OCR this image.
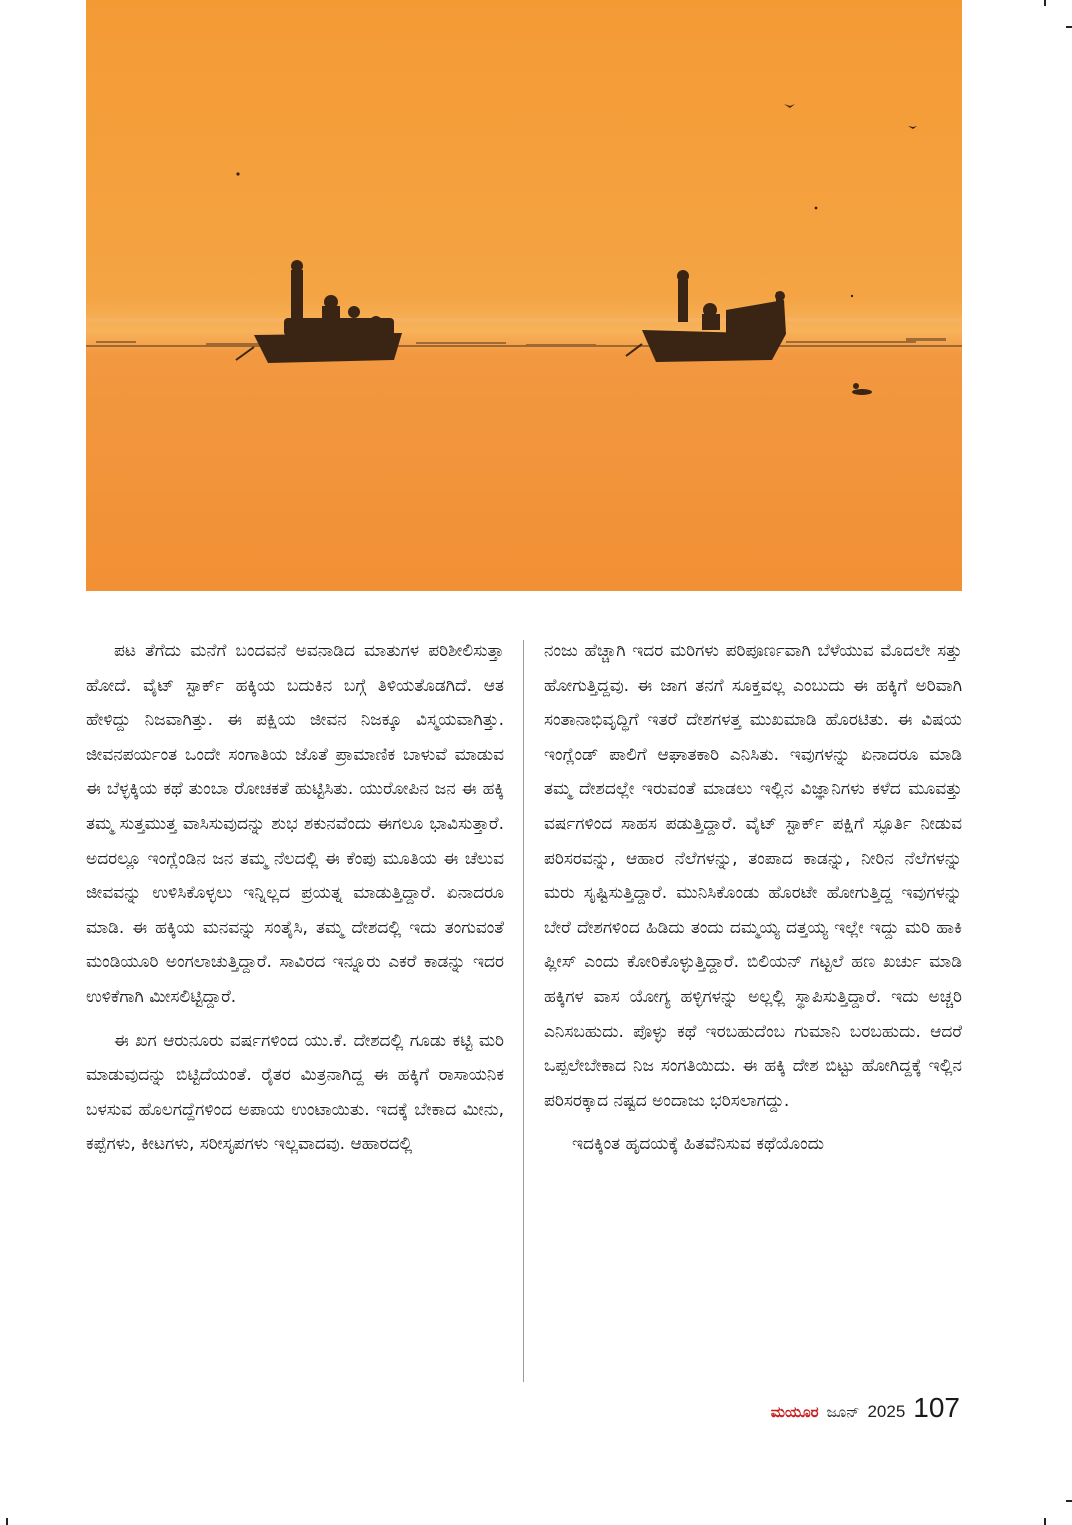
ಪಟ ತೆಗೆದು ಮನೆಗೆ ಬಂದವನೆ ಅವನಾಡಿದ ಮಾತುಗಳ ಪರಿಶೀಲಿಸುತ್ತಾ ಹೋದೆ. ವೈಟ್ ಸ್ಟಾರ್ಕ್ ಹಕ್ಕಿಯ ಬದುಕಿನ ಬಗ್ಗೆ ತಿಳಿಯತೊಡಗಿದೆ. ಆತ ಹೇಳಿದ್ದು ನಿಜವಾಗಿತ್ತು. ಈ ಪಕ್ಷಿಯ ಜೀವನ ನಿಜಕ್ಕೂ ವಿಸ್ಮಯವಾಗಿತ್ತು. ಜೀವನಪರ್ಯಂತ ಒಂದೇ ಸಂಗಾತಿಯ ಜೊತೆ ಪ್ರಾಮಾಣಿಕ ಬಾಳುವೆ ಮಾಡುವ ಈ ಬೆಳ್ಳಕ್ಕಿಯ ಕಥೆ ತುಂಬಾ ರೋಚಕತೆ ಹುಟ್ಟಿಸಿತು. ಯುರೋಪಿನ ಜನ ಈ ಹಕ್ಕಿ ತಮ್ಮ ಸುತ್ತಮುತ್ತ ವಾಸಿಸುವುದನ್ನು ಶುಭ ಶಕುನವೆಂದು ಈಗಲೂ ಭಾವಿಸುತ್ತಾರೆ. ಅದರಲ್ಲೂ ಇಂಗ್ಲೆಂಡಿನ ಜನ ತಮ್ಮ ನೆಲದಲ್ಲಿ ಈ ಕೆಂಪು ಮೂತಿಯ ಈ ಚೆಲುವ ಜೀವವನ್ನು ಉಳಿಸಿಕೊಳ್ಳಲು ಇನ್ನಿಲ್ಲದ ಪ್ರಯತ್ನ ಮಾಡುತ್ತಿದ್ದಾರೆ. ಏನಾದರೂ ಮಾಡಿ. ಈ ಹಕ್ಕಿಯ ಮನವನ್ನು ಸಂತೈಸಿ, ತಮ್ಮ ದೇಶದಲ್ಲಿ ಇದು ತಂಗುವಂತೆ ಮಂಡಿಯೂರಿ ಅಂಗಲಾಚುತ್ತಿದ್ದಾರೆ. ಸಾವಿರದ ಇನ್ನೂರು ಎಕರೆ ಕಾಡನ್ನು ಇದರ ಉಳಿಕೆಗಾಗಿ ಮೀಸಲಿಟ್ಟಿದ್ದಾರೆ.

ಈ ಖಗ ಆರುನೂರು ವರ್ಷಗಳಿಂದ ಯು.ಕೆ. ದೇಶದಲ್ಲಿ ಗೂಡು ಕಟ್ಟಿ ಮರಿ ಮಾಡುವುದನ್ನು ಬಿಟ್ಟಿದೆಯಂತೆ. ರೈತರ ಮಿತ್ರನಾಗಿದ್ದ ಈ ಹಕ್ಕಿಗೆ ರಾಸಾಯನಿಕ ಬಳಸುವ ಹೊಲಗದ್ದೆಗಳಿಂದ ಅಪಾಯ ಉಂಟಾಯಿತು. ಇದಕ್ಕೆ ಬೇಕಾದ ಮೀನು, ಕಪ್ಪೆಗಳು, ಕೀಟಗಳು, ಸರೀಸೃಪಗಳು ಇಲ್ಲವಾದವು. ಆಹಾರದಲ್ಲಿ

ನಂಜು ಹೆಚ್ಚಾಗಿ ಇದರ ಮರಿಗಳು ಪರಿಪೂರ್ಣವಾಗಿ ಬೆಳೆಯುವ ಮೊದಲೇ ಸತ್ತು ಹೋಗುತ್ತಿದ್ದವು. ಈ ಜಾಗ ತನಗೆ ಸೂಕ್ತವಲ್ಲ ಎಂಬುದು ಈ ಹಕ್ಕಿಗೆ ಅರಿವಾಗಿ ಸಂತಾನಾಭಿವೃದ್ಧಿಗೆ ಇತರೆ ದೇಶಗಳತ್ತ ಮುಖಮಾಡಿ ಹೊರಟಿತು. ಈ ವಿಷಯ ಇಂಗ್ಲೆಂಡ್ ಪಾಲಿಗೆ ಆಘಾತಕಾರಿ ಎನಿಸಿತು. ಇವುಗಳನ್ನು ಏನಾದರೂ ಮಾಡಿ ತಮ್ಮ ದೇಶದಲ್ಲೇ ಇರುವಂತೆ ಮಾಡಲು ಇಲ್ಲಿನ ವಿಜ್ಞಾನಿಗಳು ಕಳೆದ ಮೂವತ್ತು ವರ್ಷಗಳಿಂದ ಸಾಹಸ ಪಡುತ್ತಿದ್ದಾರೆ. ವೈಟ್ ಸ್ಟಾರ್ಕ್ ಪಕ್ಷಿಗೆ ಸ್ಫೂರ್ತಿ ನೀಡುವ ಪರಿಸರವನ್ನು, ಆಹಾರ ನೆಲೆಗಳನ್ನು, ತಂಪಾದ ಕಾಡನ್ನು, ನೀರಿನ ನೆಲೆಗಳನ್ನು ಮರು ಸೃಷ್ಟಿಸುತ್ತಿದ್ದಾರೆ. ಮುನಿಸಿಕೊಂಡು ಹೊರಟೇ ಹೋಗುತ್ತಿದ್ದ ಇವುಗಳನ್ನು ಬೇರೆ ದೇಶಗಳಿಂದ ಹಿಡಿದು ತಂದು ದಮ್ಮಯ್ಯ ದತ್ತಯ್ಯ ಇಲ್ಲೇ ಇದ್ದು ಮರಿ ಹಾಕಿ ಪ್ಲೀಸ್ ಎಂದು ಕೋರಿಕೊಳ್ಳುತ್ತಿದ್ದಾರೆ. ಬಿಲಿಯನ್ ಗಟ್ಟಲೆ ಹಣ ಖರ್ಚು ಮಾಡಿ ಹಕ್ಕಿಗಳ ವಾಸ ಯೋಗ್ಯ ಹಳ್ಳಿಗಳನ್ನು ಅಲ್ಲಲ್ಲಿ ಸ್ಥಾಪಿಸುತ್ತಿದ್ದಾರೆ. ಇದು ಅಚ್ಚರಿ ಎನಿಸಬಹುದು. ಪೊಳ್ಳು ಕಥೆ ಇರಬಹುದೆಂಬ ಗುಮಾನಿ ಬರಬಹುದು. ಆದರೆ ಒಪ್ಪಲೇಬೇಕಾದ ನಿಜ ಸಂಗತಿಯಿದು. ಈ ಹಕ್ಕಿ ದೇಶ ಬಿಟ್ಟು ಹೋಗಿದ್ದಕ್ಕೆ ಇಲ್ಲಿನ ಪರಿಸರಕ್ಕಾದ ನಷ್ಟದ ಅಂದಾಜು ಭರಿಸಲಾಗದ್ದು.

ಇದಕ್ಕಿಂತ ಹೃದಯಕ್ಕೆ ಹಿತವೆನಿಸುವ ಕಥೆಯೊಂದು

ಮಯೂರ ಜೂನ್ 2025 107
